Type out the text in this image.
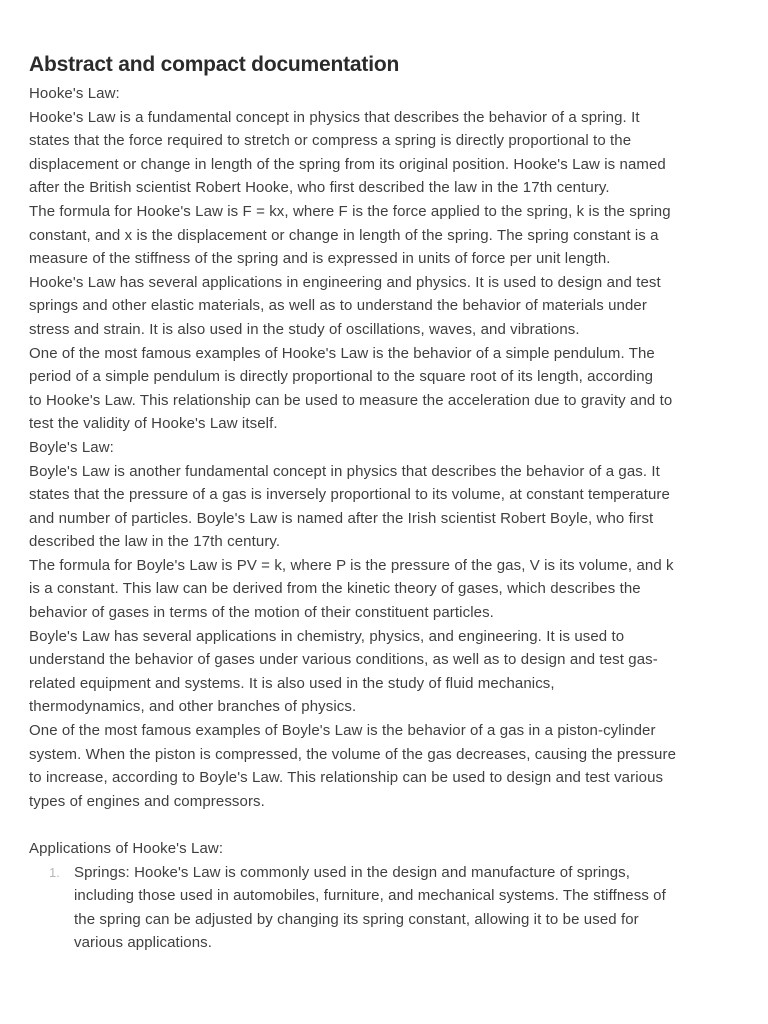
Abstract and compact documentation

Hooke's Law:

Hooke's Law is a fundamental concept in physics that describes the behavior of a spring. It

states that the force required to stretch or compress a spring is directly proportional to the

displacement or change in length of the spring from its original position. Hooke's Law is named

after the British scientist Robert Hooke, who first described the law in the 17th century.

The formula for Hooke's Law is F = kx, where F is the force applied to the spring, k is the spring

constant, and x is the displacement or change in length of the spring. The spring constant is a

measure of the stiffness of the spring and is expressed in units of force per unit length.

Hooke's Law has several applications in engineering and physics. It is used to design and test

springs and other elastic materials, as well as to understand the behavior of materials under

stress and strain. It is also used in the study of oscillations, waves, and vibrations.

One of the most famous examples of Hooke's Law is the behavior of a simple pendulum. The

period of a simple pendulum is directly proportional to the square root of its length, according

to Hooke's Law. This relationship can be used to measure the acceleration due to gravity and to

test the validity of Hooke's Law itself.

Boyle's Law:

Boyle's Law is another fundamental concept in physics that describes the behavior of a gas. It

states that the pressure of a gas is inversely proportional to its volume, at constant temperature

and number of particles. Boyle's Law is named after the Irish scientist Robert Boyle, who first

described the law in the 17th century.

The formula for Boyle's Law is PV = k, where P is the pressure of the gas, V is its volume, and k

is a constant. This law can be derived from the kinetic theory of gases, which describes the

behavior of gases in terms of the motion of their constituent particles.

Boyle's Law has several applications in chemistry, physics, and engineering. It is used to

understand the behavior of gases under various conditions, as well as to design and test gas-

related equipment and systems. It is also used in the study of fluid mechanics,

thermodynamics, and other branches of physics.

One of the most famous examples of Boyle's Law is the behavior of a gas in a piston-cylinder

system. When the piston is compressed, the volume of the gas decreases, causing the pressure

to increase, according to Boyle's Law. This relationship can be used to design and test various

types of engines and compressors.

Applications of Hooke's Law:

1. Springs: Hooke's Law is commonly used in the design and manufacture of springs,

including those used in automobiles, furniture, and mechanical systems. The stiffness of

the spring can be adjusted by changing its spring constant, allowing it to be used for

various applications.
